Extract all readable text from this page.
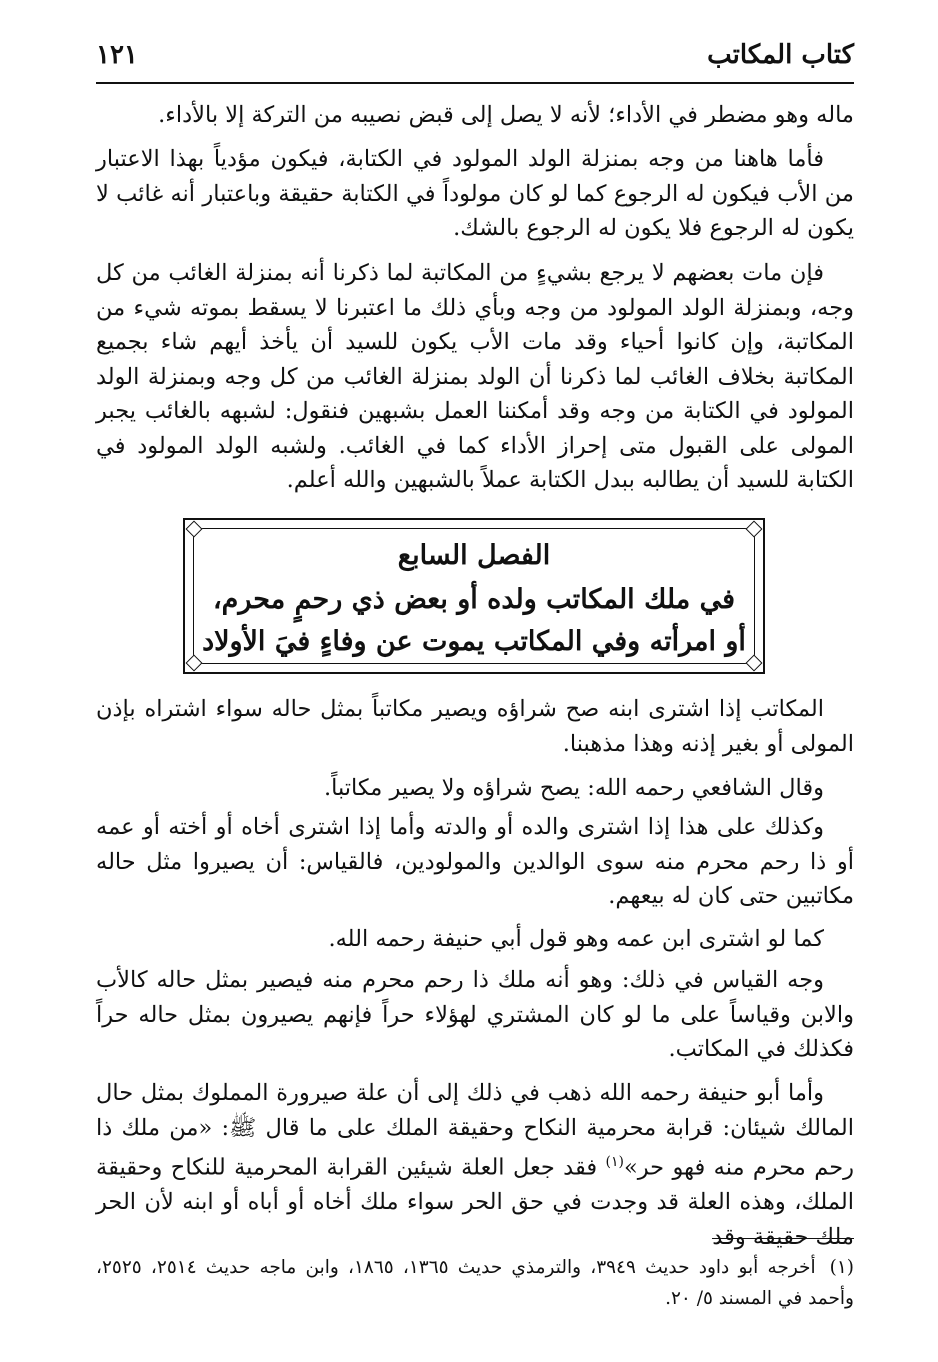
كتاب المكاتب
١٢١

ماله وهو مضطر في الأداء؛ لأنه لا يصل إلى قبض نصيبه من التركة إلا بالأداء.

فأما هاهنا من وجه بمنزلة الولد المولود في الكتابة، فيكون مؤدياً بهذا الاعتبار من الأب فيكون له الرجوع كما لو كان مولوداً في الكتابة حقيقة وباعتبار أنه غائب لا يكون له الرجوع فلا يكون له الرجوع بالشك.

فإن مات بعضهم لا يرجع بشيءٍ من المكاتبة لما ذكرنا أنه بمنزلة الغائب من كل وجه، وبمنزلة الولد المولود من وجه وبأي ذلك ما اعتبرنا لا يسقط بموته شيء من المكاتبة، وإن كانوا أحياء وقد مات الأب يكون للسيد أن يأخذ أيهم شاء بجميع المكاتبة بخلاف الغائب لما ذكرنا أن الولد بمنزلة الغائب من كل وجه وبمنزلة الولد المولود في الكتابة من وجه وقد أمكننا العمل بشبهين فنقول: لشبهه بالغائب يجبر المولى على القبول متى إحراز الأداء كما في الغائب. ولشبه الولد المولود في الكتابة للسيد أن يطالبه ببدل الكتابة عملاً بالشبهين والله أعلم.

الفصل السابع
في ملك المكاتب ولده أو بعض ذي رحمٍ محرم،
أو امرأته وفي المكاتب يموت عن وفاءٍ فيَ الأولاد

المكاتب إذا اشترى ابنه صح شراؤه ويصير مكاتباً بمثل حاله سواء اشتراه بإذن المولى أو بغير إذنه وهذا مذهبنا.

وقال الشافعي رحمه الله: يصح شراؤه ولا يصير مكاتباً.

وكذلك على هذا إذا اشترى والده أو والدته وأما إذا اشترى أخاه أو أخته أو عمه أو ذا رحم محرم منه سوى الوالدين والمولودين، فالقياس: أن يصيروا مثل حاله مكاتبين حتى كان له بيعهم.

كما لو اشترى ابن عمه وهو قول أبي حنيفة رحمه الله.

وجه القياس في ذلك: وهو أنه ملك ذا رحم محرم منه فيصير بمثل حاله كالأب والابن وقياساً على ما لو كان المشتري لهؤلاء حراً فإنهم يصيرون بمثل حاله حراً فكذلك في المكاتب.

وأما أبو حنيفة رحمه الله ذهب في ذلك إلى أن علة صيرورة المملوك بمثل حال المالك شيئان: قرابة محرمية النكاح وحقيقة الملك على ما قال ﷺ: «من ملك ذا رحم محرم منه فهو حر»$^{(١)}$ فقد جعل العلة شيئين القرابة المحرمية للنكاح وحقيقة الملك، وهذه العلة قد وجدت في حق الحر سواء ملك أخاه أو أباه أو ابنه لأن الحر ملك حقيقة وقد

(١)أخرجه أبو داود حديث ٣٩٤٩، والترمذي حديث ١٣٦٥، ١٨٦٥، وابن ماجه حديث ٢٥١٤، ٢٥٢٥، وأحمد في المسند ٥/ ٢٠.
